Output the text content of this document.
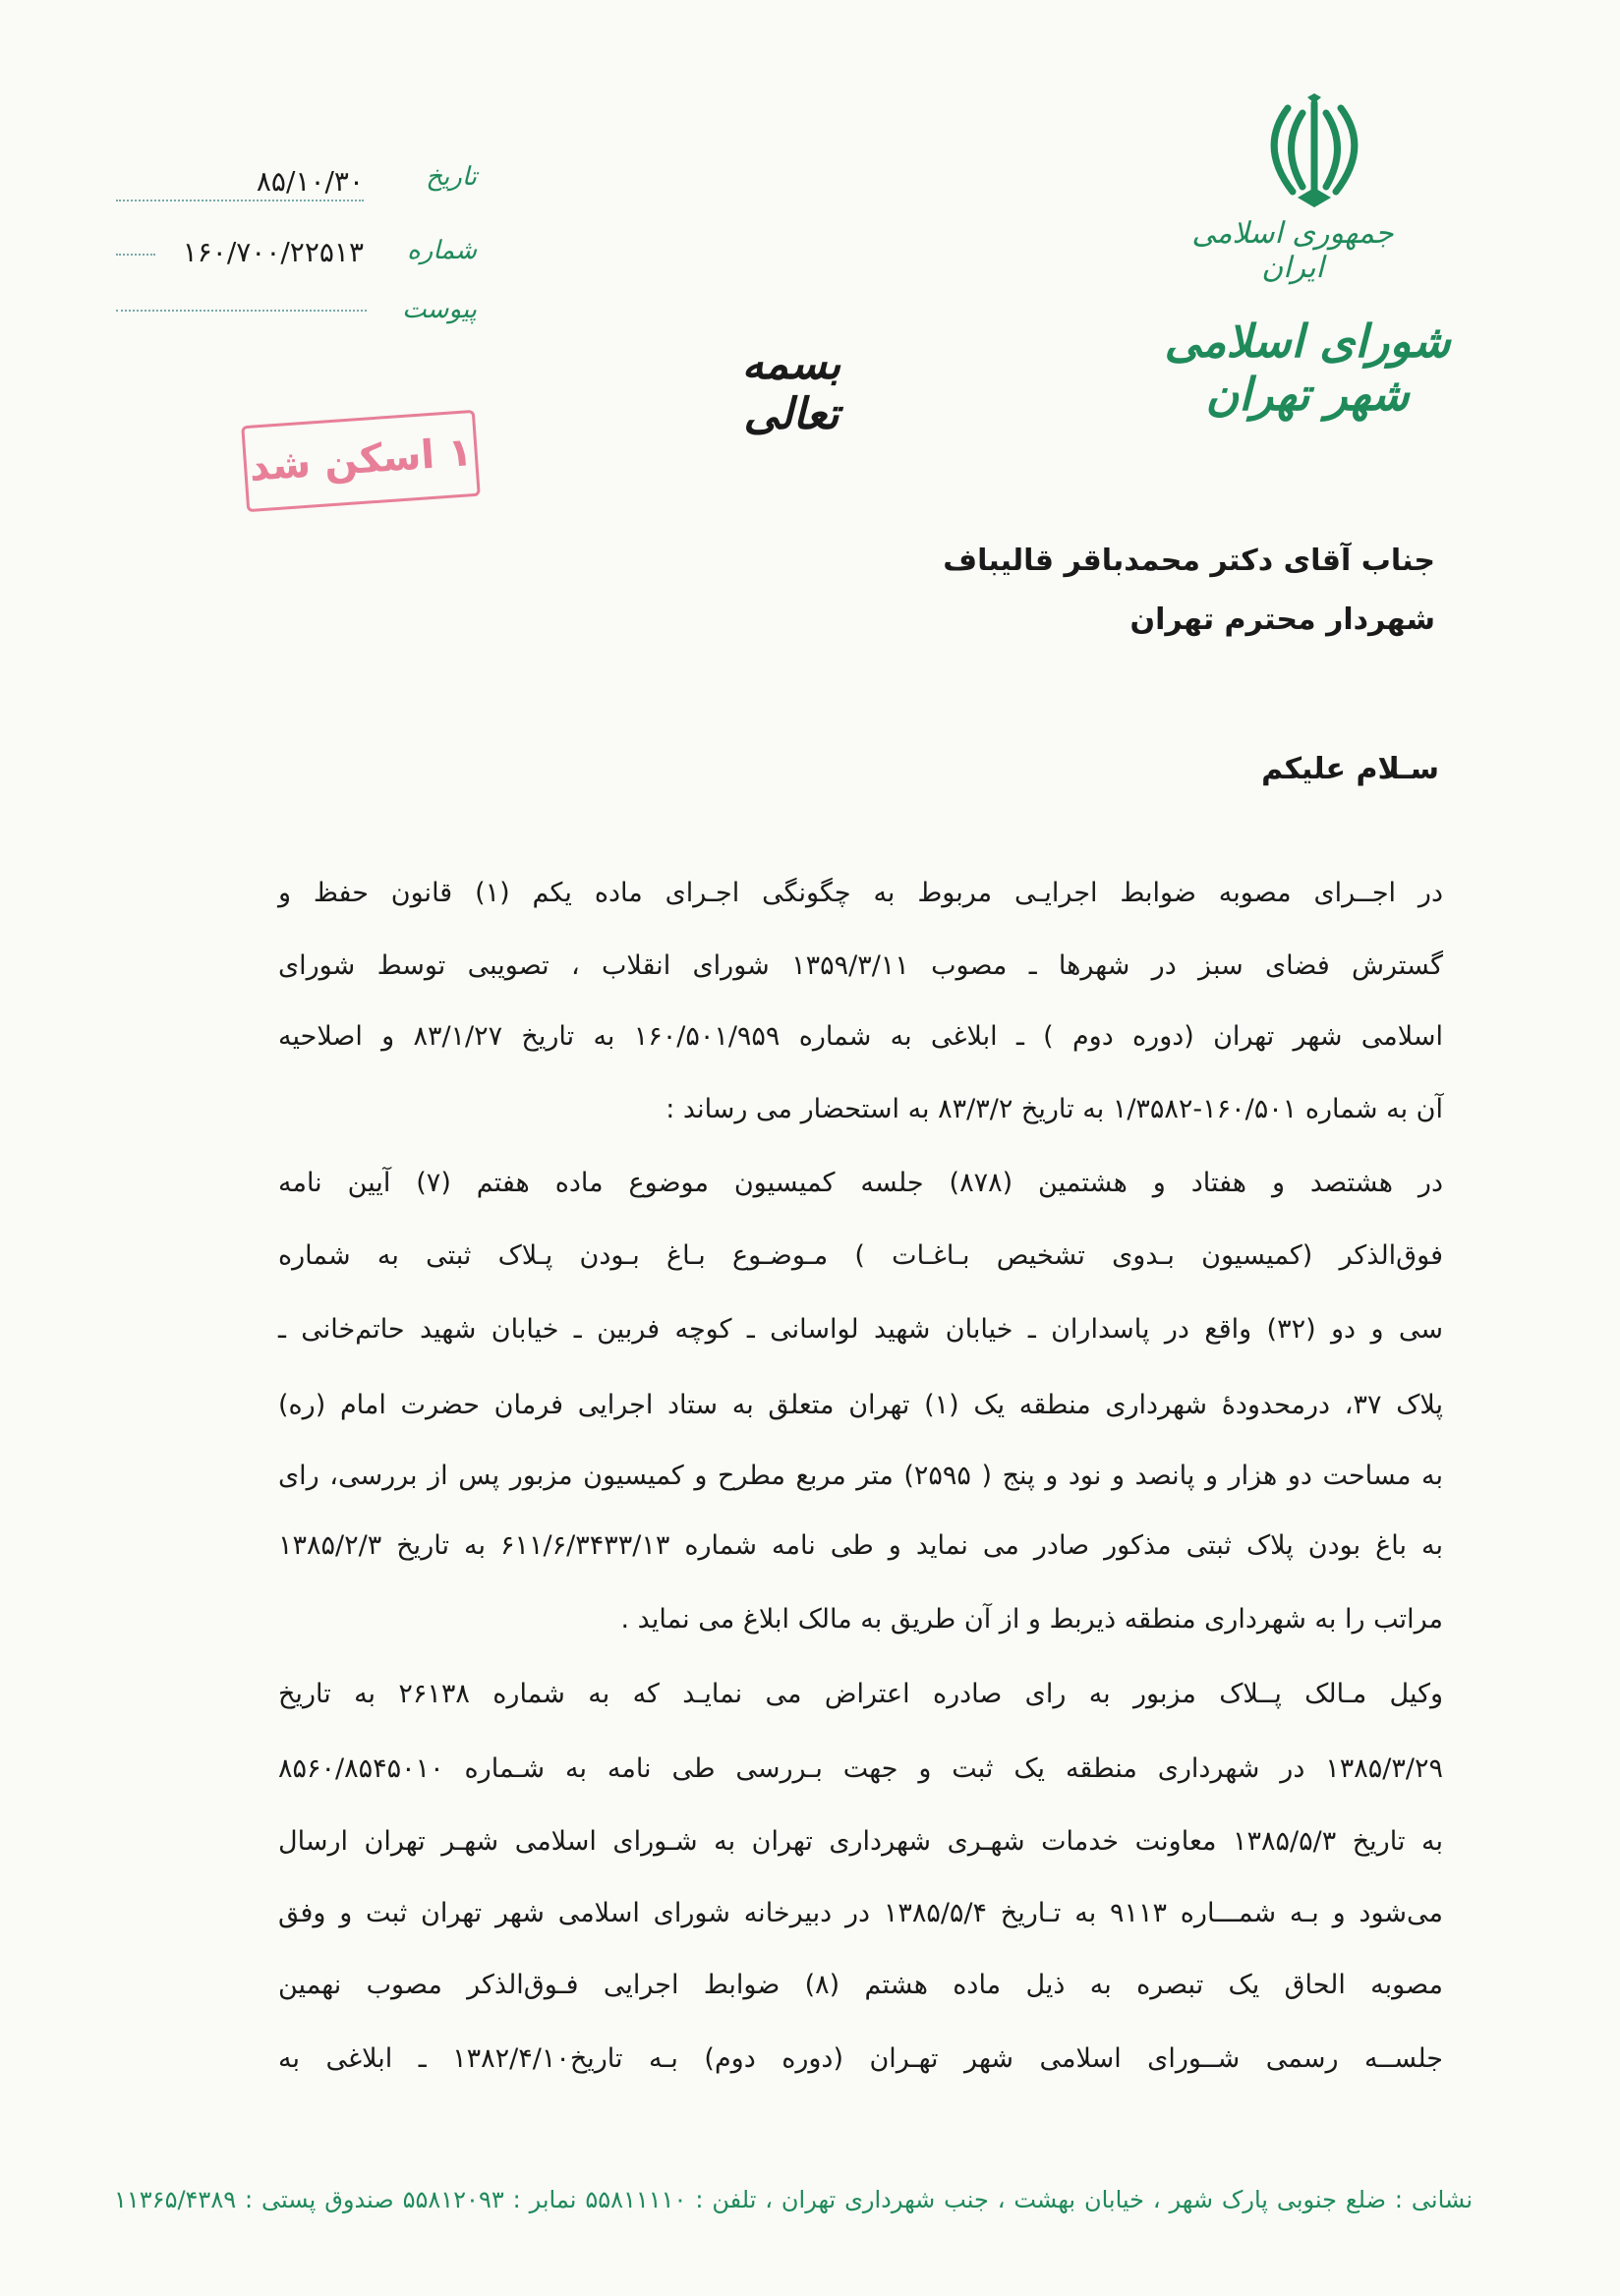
جمهوری اسلامی ایران
شورای اسلامی شهر تهران
تاریخ
۸۵/۱۰/۳۰
شماره
۱۶۰/۷۰۰/۲۲۵۱۳
پیوست
بسمه تعالی
۱ اسکن شد
جناب آقای دکتر محمدباقر قالیباف
شهردار محترم تهران
سـلام علیکم
در اجــرای مصوبه ضوابط اجرایـی مربوط به چگونگی اجـرای ماده یکم (۱) قانون حفظ و
گسترش فضای سبز در شهرها ـ مصوب ۱۳۵۹/۳/۱۱ شورای انقلاب ، تصویبی توسط شورای
اسلامی شهر تهران (دوره دوم ) ـ ابلاغی به شماره ۱۶۰/۵۰۱/۹۵۹ به تاریخ ۸۳/۱/۲۷ و اصلاحیه
آن به شماره ۱۶۰/۵۰۱-۱/۳۵۸۲ به تاریخ ۸۳/۳/۲ به استحضار می رساند :
در هشتصد و هفتاد و هشتمین (۸۷۸) جلسه کمیسیون موضوع ماده هفتم (۷) آیین نامه
فوق‌الذکر (کمیسیون بـدوی تشخیص بـاغـات ) مـوضـوع بـاغ بـودن پـلاک ثبتی به شماره
سی و دو (۳۲) واقع در پاسداران ـ خیابان شهید لواسانی ـ کوچه فربین ـ خیابان شهید حاتم‌خانی ـ
پلاک ۳۷، درمحدودهٔ شهرداری منطقه یک (۱) تهران متعلق به ستاد اجرایی فرمان حضرت امام (ره)
به مساحت دو هزار و پانصد و نود و پنج ( ۲۵۹۵) متر مربع مطرح و کمیسیون مزبور پس از بررسی، رای
به باغ بودن پلاک ثبتی مذکور صادر می نماید و طی نامه شماره ۶۱۱/۶/۳۴۳۳/۱۳ به تاریخ ۱۳۸۵/۲/۳
مراتب را به شهرداری منطقه ذیربط و از آن طریق به مالک ابلاغ می نماید .
وکیل مـالک پــلاک مزبور به رای صادره اعتراض می نمایـد که به شماره ۲۶۱۳۸ به تاریخ
۱۳۸۵/۳/۲۹ در شهرداری منطقه یک ثبت و جهت بـررسی طی نامه به شـماره ۸۵۶۰/۸۵۴۵۰۱۰
به تاریخ ۱۳۸۵/۵/۳ معاونت خدمات شهـری شهرداری تهران به شـورای اسلامی شهـر تهران ارسال
می‌شود و بـه شمـــاره ۹۱۱۳ به تـاریخ ۱۳۸۵/۵/۴ در دبیرخانه شورای اسلامی شهر تهران ثبت و وفق
مصوبه الحاق یک تبصره به ذیل ماده هشتم (۸) ضوابط اجرایی فـوق‌الذکر مصوب نهمین
جلســه رسمی شــورای اسلامی شهر تهـران (دوره دوم) بـه تاریخ۱۳۸۲/۴/۱۰ ـ ابلاغی به
نشانی : ضلع جنوبی پارک شهر ، خیابان بهشت ، جنب شهرداری تهران ، تلفن : ۵۵۸۱۱۱۱۰ نمابر : ۵۵۸۱۲۰۹۳ صندوق پستی : ۱۱۳۶۵/۴۳۸۹
